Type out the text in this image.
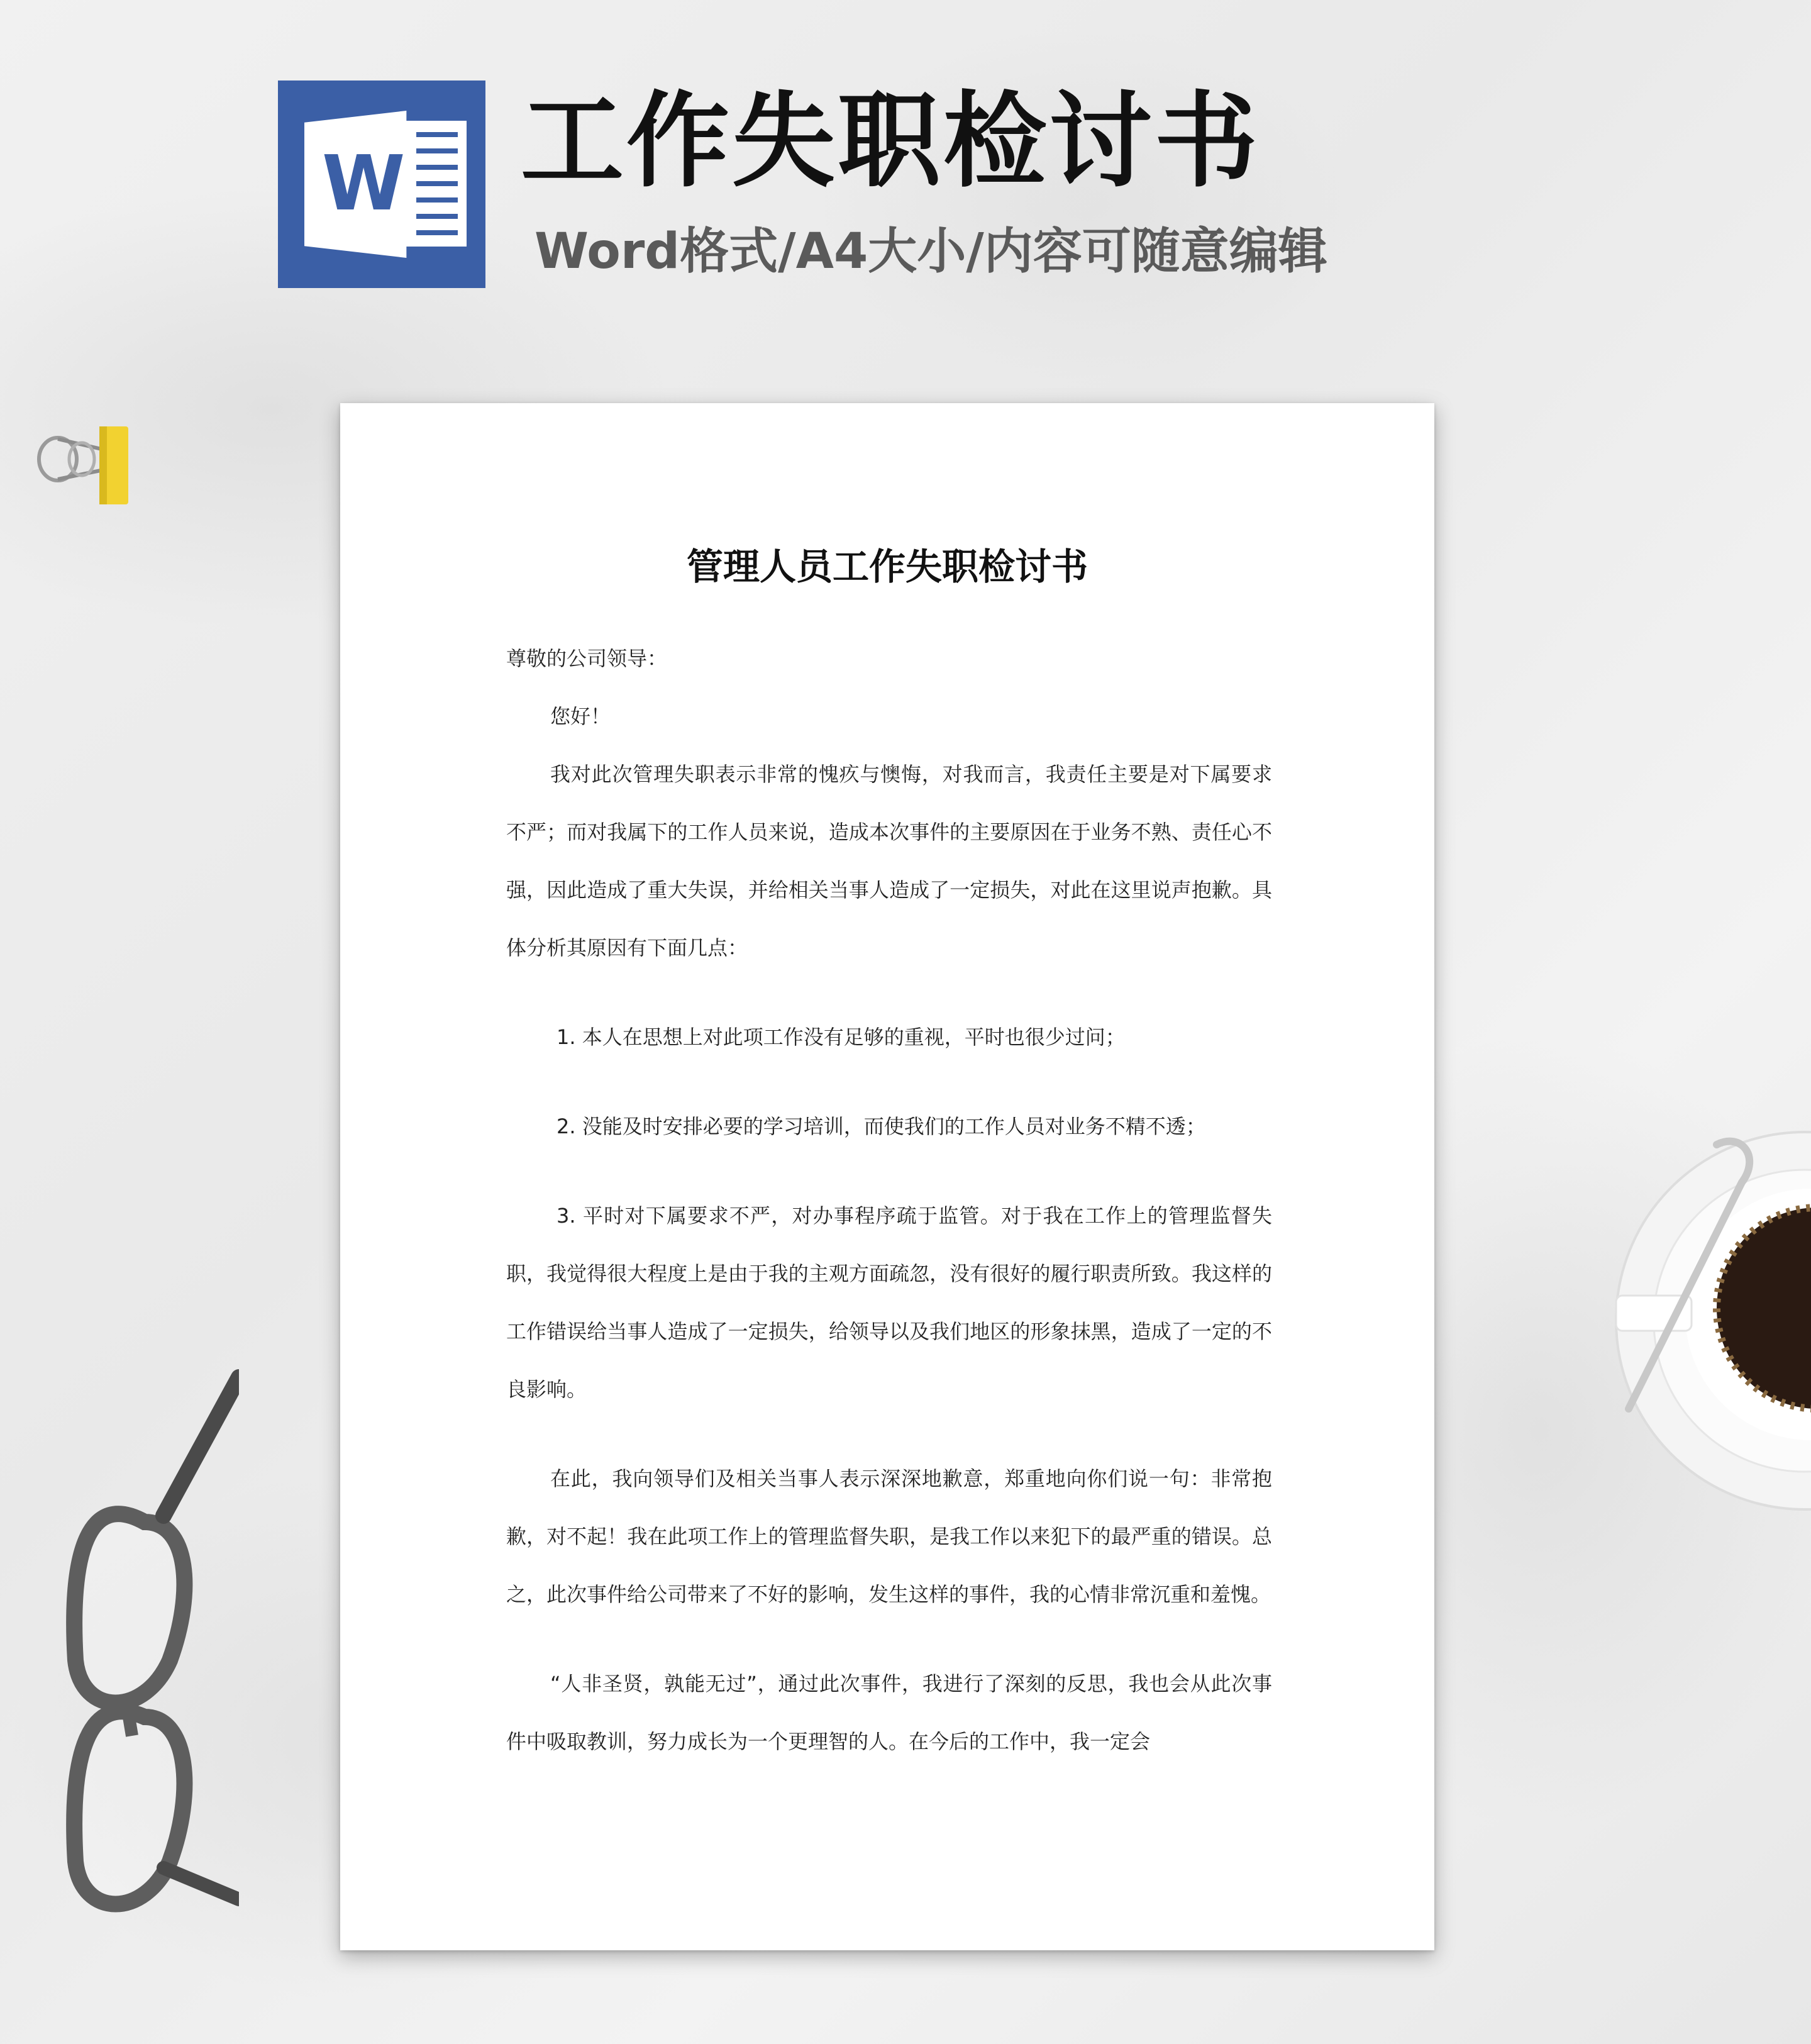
W 工作失职检讨书
Word格式/A4大小/内容可随意编辑
管理人员工作失职检讨书

尊敬的公司领导：

您好！

我对此次管理失职表示非常的愧疚与懊悔，对我而言，我责任主要是对下属要求不严；而对我属下的工作人员来说，造成本次事件的主要原因在于业务不熟、责任心不强，因此造成了重大失误，并给相关当事人造成了一定损失，对此在这里说声抱歉。具体分析其原因有下面几点：

1. 本人在思想上对此项工作没有足够的重视，平时也很少过问；

2. 没能及时安排必要的学习培训，而使我们的工作人员对业务不精不透；

3. 平时对下属要求不严，对办事程序疏于监管。对于我在工作上的管理监督失职，我觉得很大程度上是由于我的主观方面疏忽，没有很好的履行职责所致。我这样的工作错误给当事人造成了一定损失，给领导以及我们地区的形象抹黑，造成了一定的不良影响。

在此，我向领导们及相关当事人表示深深地歉意，郑重地向你们说一句：非常抱歉，对不起！我在此项工作上的管理监督失职，是我工作以来犯下的最严重的错误。总之，此次事件给公司带来了不好的影响，发生这样的事件，我的心情非常沉重和羞愧。

“人非圣贤，孰能无过”，通过此次事件，我进行了深刻的反思，我也会从此次事件中吸取教训，努力成长为一个更理智的人。在今后的工作中，我一定会
